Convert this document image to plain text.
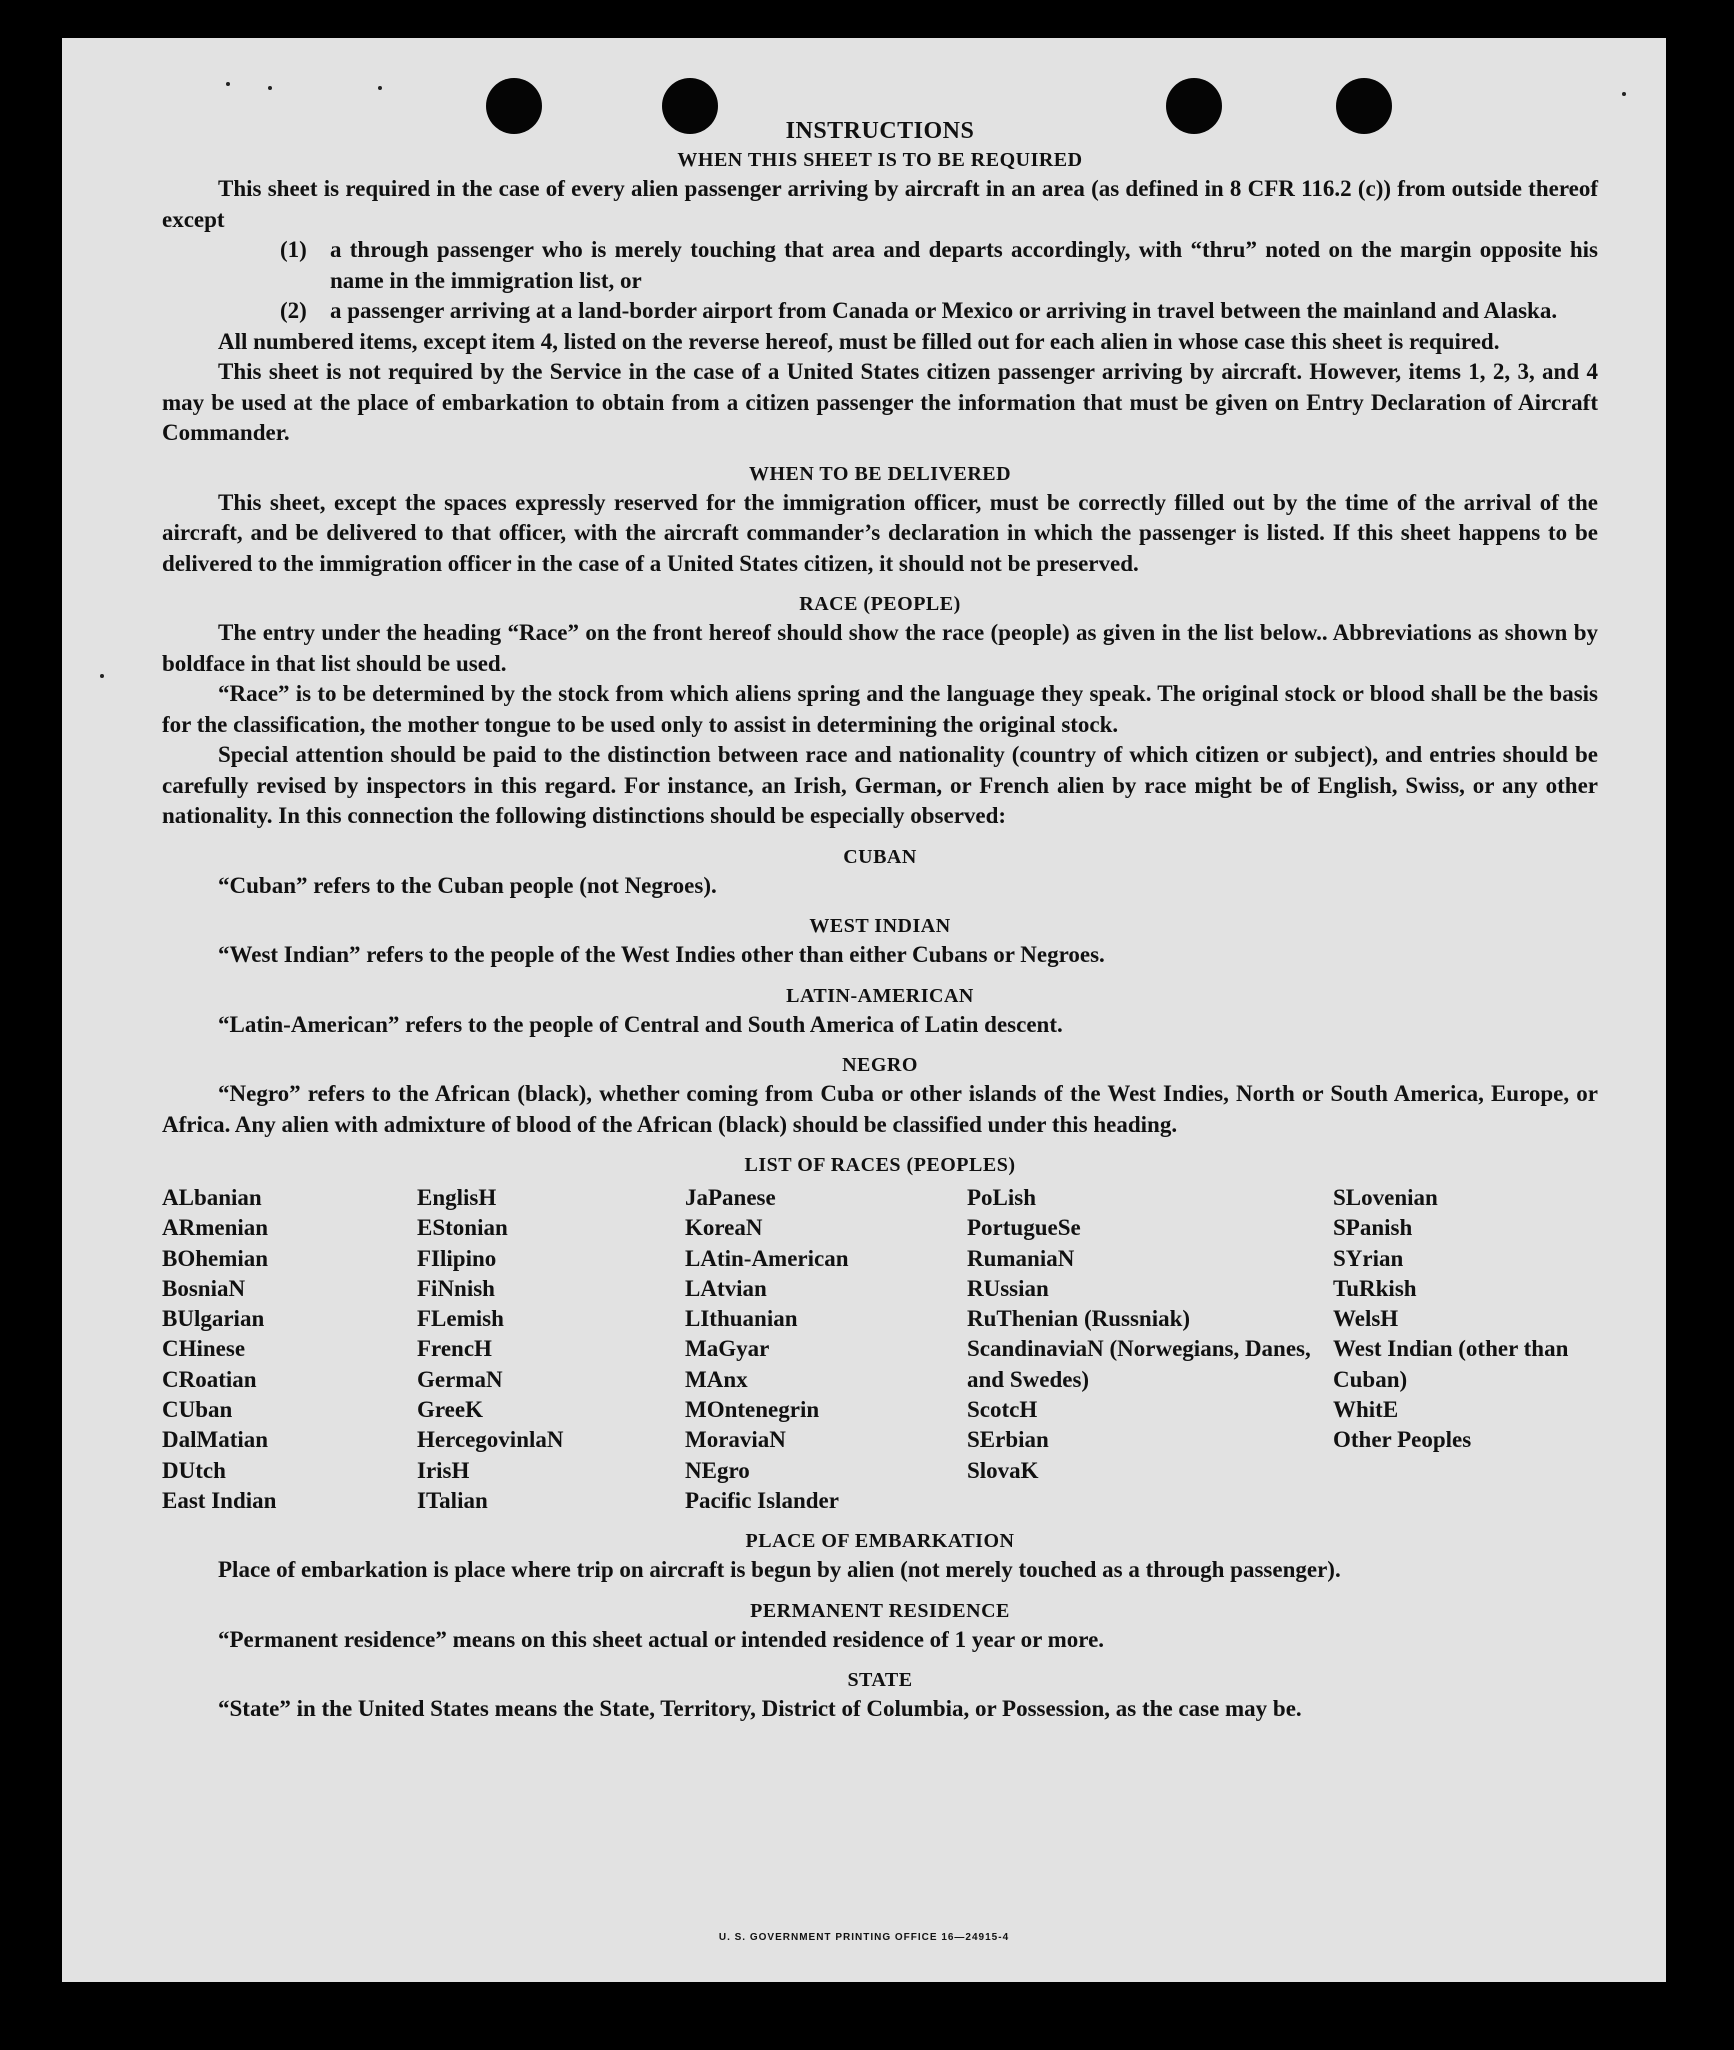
INSTRUCTIONS
WHEN THIS SHEET IS TO BE REQUIRED

This sheet is required in the case of every alien passenger arriving by aircraft in an area (as defined in 8 CFR 116.2 (c)) from outside thereof except

(1)	a through passenger who is merely touching that area and departs accordingly, with “thru” noted on the margin opposite his name in the immigration list, or
(2)	a passenger arriving at a land-border airport from Canada or Mexico or arriving in travel between the mainland and Alaska.

All numbered items, except item 4, listed on the reverse hereof, must be filled out for each alien in whose case this sheet is required.

This sheet is not required by the Service in the case of a United States citizen passenger arriving by aircraft. However, items 1, 2, 3, and 4 may be used at the place of embarkation to obtain from a citizen passenger the information that must be given on Entry Declaration of Aircraft Commander.

WHEN TO BE DELIVERED

This sheet, except the spaces expressly reserved for the immigration officer, must be correctly filled out by the time of the arrival of the aircraft, and be delivered to that officer, with the aircraft commander’s declaration in which the passenger is listed. If this sheet happens to be delivered to the immigration officer in the case of a United States citizen, it should not be preserved.

RACE (PEOPLE)

The entry under the heading “Race” on the front hereof should show the race (people) as given in the list below.. Abbreviations as shown by boldface in that list should be used.

“Race” is to be determined by the stock from which aliens spring and the language they speak. The original stock or blood shall be the basis for the classification, the mother tongue to be used only to assist in determining the original stock.

Special attention should be paid to the distinction between race and nationality (country of which citizen or subject), and entries should be carefully revised by inspectors in this regard. For instance, an Irish, German, or French alien by race might be of English, Swiss, or any other nationality. In this connection the following distinctions should be especially observed:

CUBAN

“Cuban” refers to the Cuban people (not Negroes).

WEST INDIAN

“West Indian” refers to the people of the West Indies other than either Cubans or Negroes.

LATIN-AMERICAN

“Latin-American” refers to the people of Central and South America of Latin descent.

NEGRO

“Negro” refers to the African (black), whether coming from Cuba or other islands of the West Indies, North or South America, Europe, or Africa. Any alien with admixture of blood of the African (black) should be classified under this heading.

LIST OF RACES (PEOPLES)
ALbanian
ARmenian
BOhemian
BosniaN
BUlgarian
CHinese
CRoatian
CUban
DalMatian
DUtch
East Indian
EnglisH
EStonian
FIlipino
FiNnish
FLemish
FrencH
GermaN
GreeK
HercegovinlaN
IrisH
ITalian
JaPanese
KoreaN
LAtin-American
LAtvian
LIthuanian
MaGyar
MAnx
MOntenegrin
MoraviaN
NEgro
Pacific Islander
PoLish
PortugueSe
RumaniaN
RUssian
RuThenian (Russniak)
ScandinaviaN (Norwegians, Danes, and Swedes)
ScotcH
SErbian
SlovaK
SLovenian
SPanish
SYrian
TuRkish
WelsH
West Indian (other than Cuban)
WhitE
Other Peoples
PLACE OF EMBARKATION

Place of embarkation is place where trip on aircraft is begun by alien (not merely touched as a through passenger).

PERMANENT RESIDENCE

“Permanent residence” means on this sheet actual or intended residence of 1 year or more.

STATE

“State” in the United States means the State, Territory, District of Columbia, or Possession, as the case may be.

U. S. GOVERNMENT PRINTING OFFICE 16—24915-4
